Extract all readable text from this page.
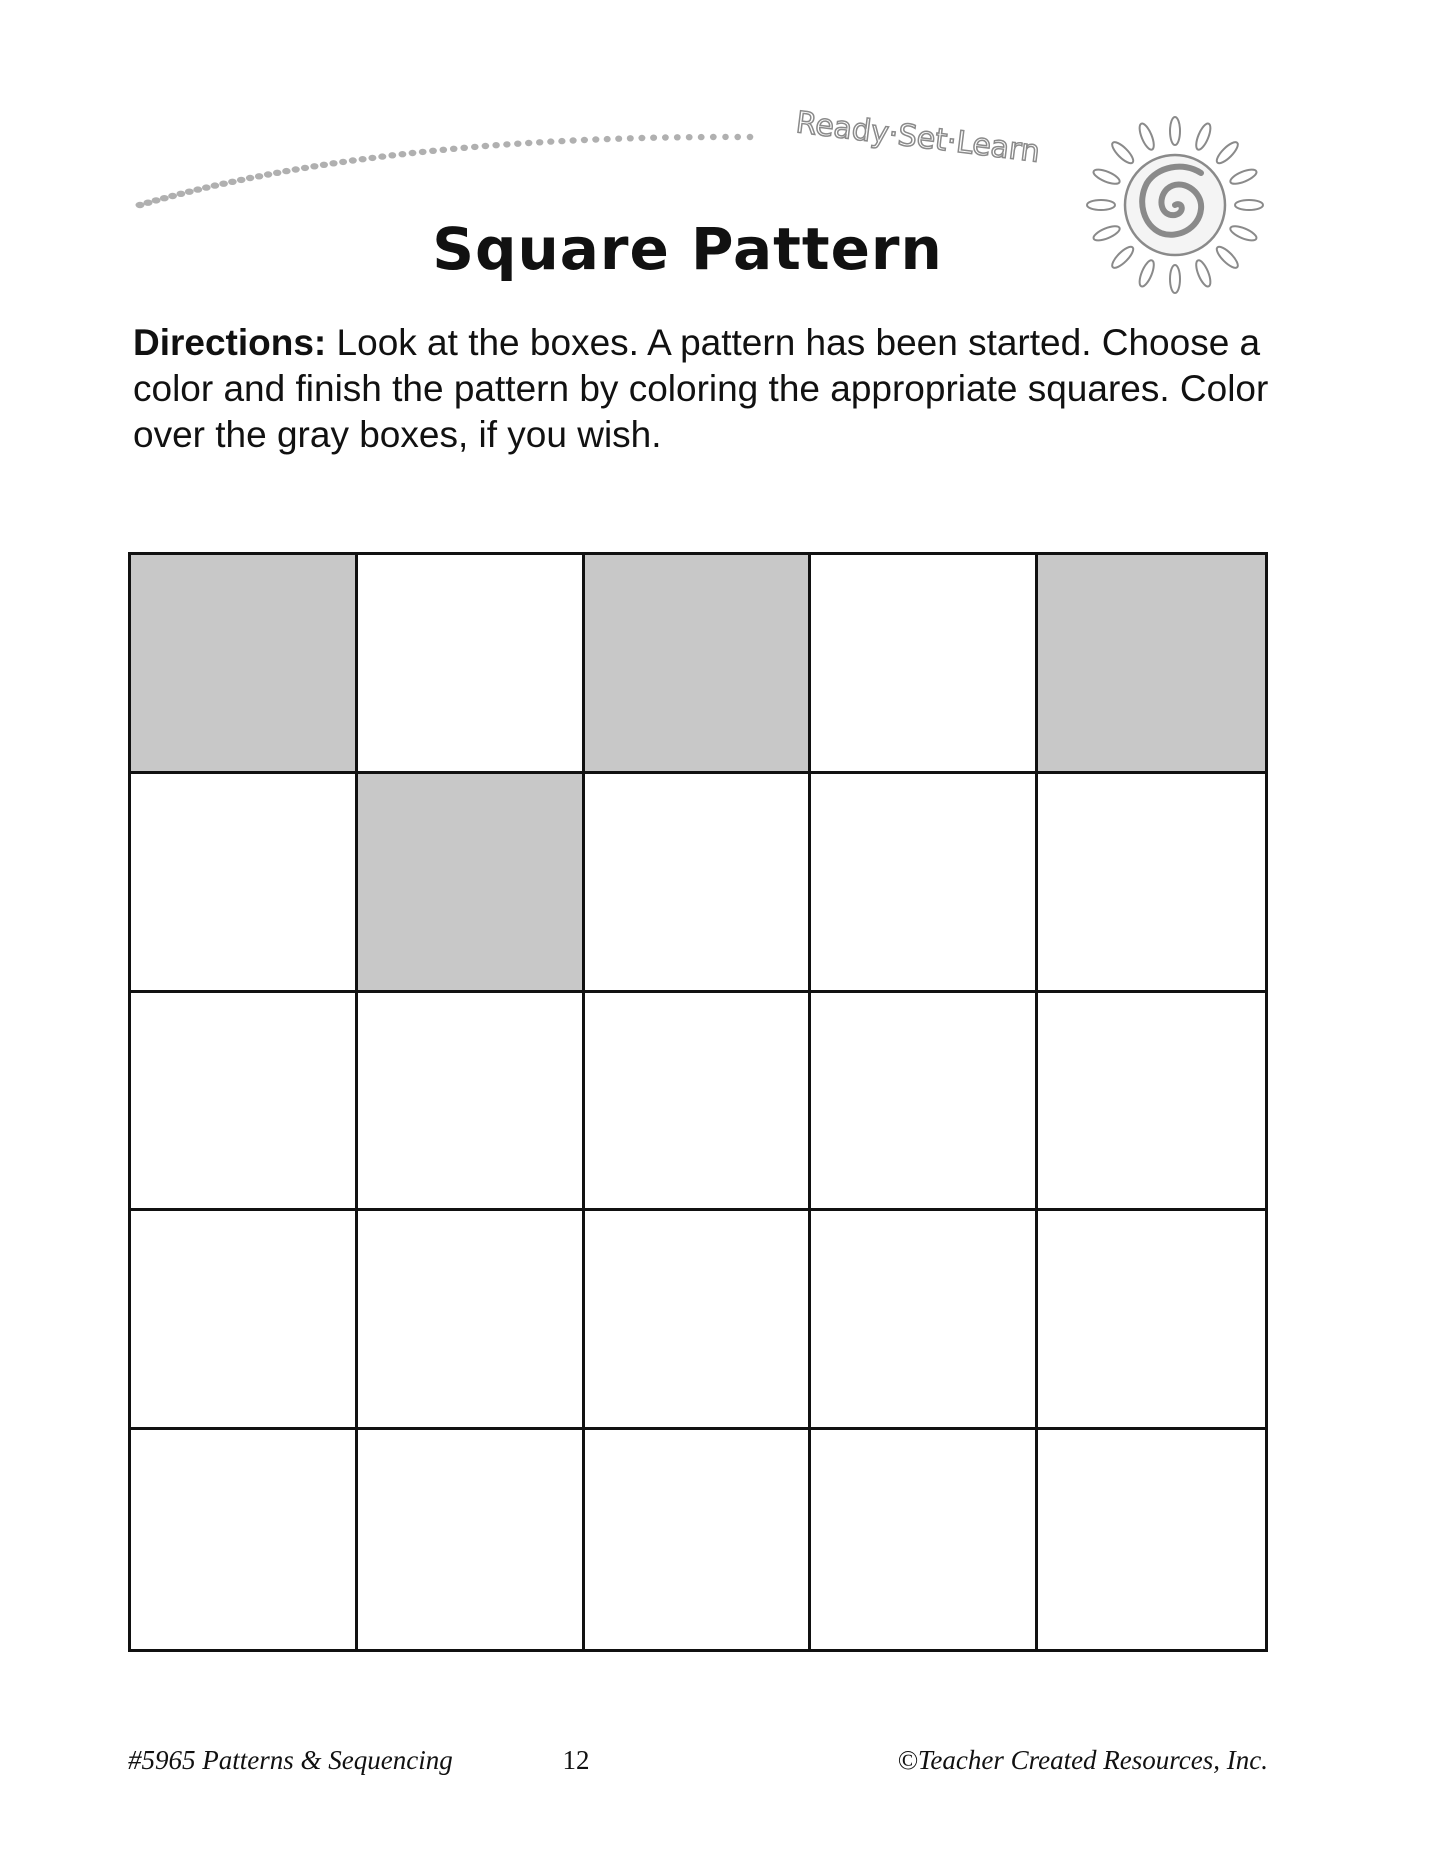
Ready·Set·Learn
Square Pattern
Directions: Look at the boxes. A pattern has been started. Choose a color and finish the pattern by coloring the appropriate squares. Color over the gray boxes, if you wish.
#5965 Patterns & Sequencing	12	©Teacher Created Resources, Inc.
